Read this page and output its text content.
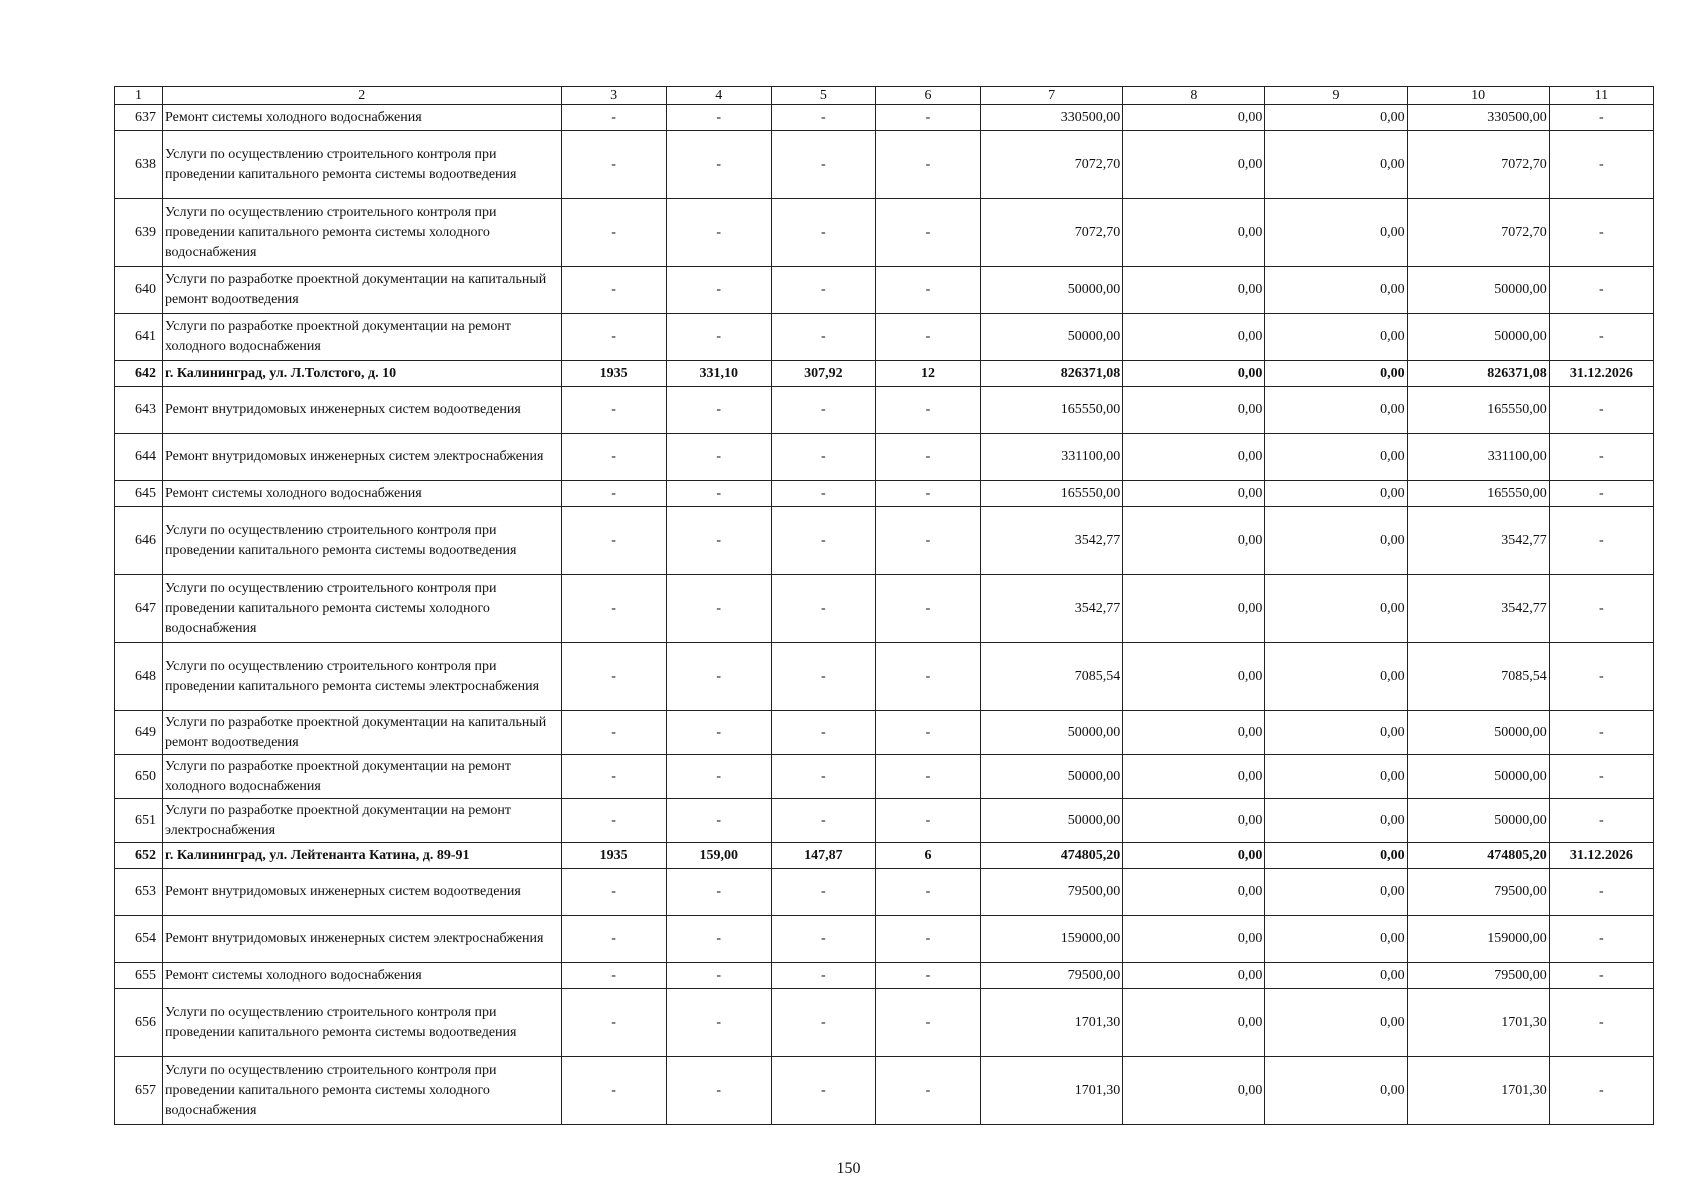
1	2	3	4	5	6	7	8	9	10	11
637	Ремонт системы холодного водоснабжения	-	-	-	-	330500,00	0,00	0,00	330500,00	-
638	Услуги по осуществлению строительного контроля при проведении капитального ремонта системы водоотведения	-	-	-	-	7072,70	0,00	0,00	7072,70	-
639	Услуги по осуществлению строительного контроля при проведении капитального ремонта системы холодного водоснабжения	-	-	-	-	7072,70	0,00	0,00	7072,70	-
640	Услуги по разработке проектной документации на капитальный ремонт водоотведения	-	-	-	-	50000,00	0,00	0,00	50000,00	-
641	Услуги по разработке проектной документации на ремонт холодного водоснабжения	-	-	-	-	50000,00	0,00	0,00	50000,00	-
642	г. Калининград, ул. Л.Толстого, д. 10	1935	331,10	307,92	12	826371,08	0,00	0,00	826371,08	31.12.2026
643	Ремонт внутридомовых инженерных систем водоотведения	-	-	-	-	165550,00	0,00	0,00	165550,00	-
644	Ремонт внутридомовых инженерных систем электроснабжения	-	-	-	-	331100,00	0,00	0,00	331100,00	-
645	Ремонт системы холодного водоснабжения	-	-	-	-	165550,00	0,00	0,00	165550,00	-
646	Услуги по осуществлению строительного контроля при проведении капитального ремонта системы водоотведения	-	-	-	-	3542,77	0,00	0,00	3542,77	-
647	Услуги по осуществлению строительного контроля при проведении капитального ремонта системы холодного водоснабжения	-	-	-	-	3542,77	0,00	0,00	3542,77	-
648	Услуги по осуществлению строительного контроля при проведении капитального ремонта системы электроснабжения	-	-	-	-	7085,54	0,00	0,00	7085,54	-
649	Услуги по разработке проектной документации на капитальный ремонт водоотведения	-	-	-	-	50000,00	0,00	0,00	50000,00	-
650	Услуги по разработке проектной документации на ремонт холодного водоснабжения	-	-	-	-	50000,00	0,00	0,00	50000,00	-
651	Услуги по разработке проектной документации на ремонт электроснабжения	-	-	-	-	50000,00	0,00	0,00	50000,00	-
652	г. Калининград, ул. Лейтенанта Катина, д. 89-91	1935	159,00	147,87	6	474805,20	0,00	0,00	474805,20	31.12.2026
653	Ремонт внутридомовых инженерных систем водоотведения	-	-	-	-	79500,00	0,00	0,00	79500,00	-
654	Ремонт внутридомовых инженерных систем электроснабжения	-	-	-	-	159000,00	0,00	0,00	159000,00	-
655	Ремонт системы холодного водоснабжения	-	-	-	-	79500,00	0,00	0,00	79500,00	-
656	Услуги по осуществлению строительного контроля при проведении капитального ремонта системы водоотведения	-	-	-	-	1701,30	0,00	0,00	1701,30	-
657	Услуги по осуществлению строительного контроля при проведении капитального ремонта системы холодного водоснабжения	-	-	-	-	1701,30	0,00	0,00	1701,30	-
150
